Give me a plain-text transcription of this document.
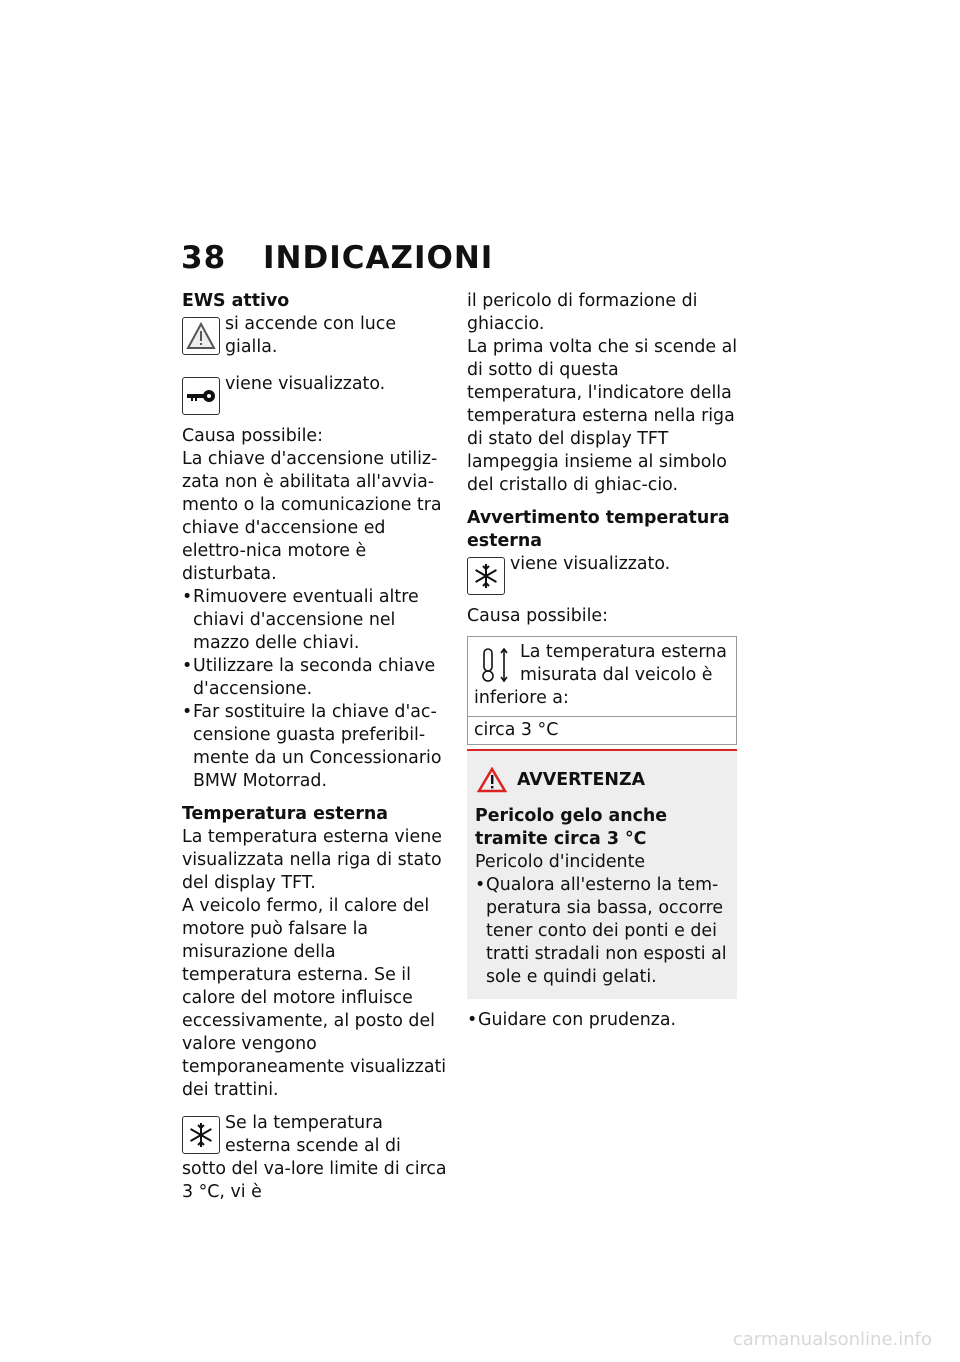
38 INDICAZIONI

EWS attivo

si accende con luce gialla.
viene visualizzato.

Causa possibile:

La chiave d'accensione utiliz-zata non è abilitata all'avvia-mento o la comunicazione tra chiave d'accensione ed elettro-nica motore è disturbata.

• Rimuovere eventuali altre chiavi d'accensione nel mazzo delle chiavi.
• Utilizzare la seconda chiave d'accensione.
• Far sostituire la chiave d'ac-censione guasta preferibil-mente da un Concessionario BMW Motorrad.

Temperatura esterna

La temperatura esterna viene visualizzata nella riga di stato del display TFT.

A veicolo fermo, il calore del motore può falsare la misurazione della temperatura esterna. Se il calore del motore influisce eccessivamente, al posto del valore vengono temporaneamente visualizzati dei trattini.

Se la temperatura esterna scende al di sotto del va-lore limite di circa 3 °C, vi è

il pericolo di formazione di ghiaccio.

La prima volta che si scende al di sotto di questa temperatura, l'indicatore della temperatura esterna nella riga di stato del display TFT lampeggia insieme al simbolo del cristallo di ghiac-cio.

Avvertimento temperatura esterna

viene visualizzato.

Causa possibile:

La temperatura esterna misurata dal veicolo è inferiore a:
circa 3 °C
AVVERTENZA

Pericolo gelo anche tramite circa 3 °C

Pericolo d'incidente

• Qualora all'esterno la tem-peratura sia bassa, occorre tener conto dei ponti e dei tratti stradali non esposti al sole e quindi gelati.
• Guidare con prudenza.
carmanualsonline.info
